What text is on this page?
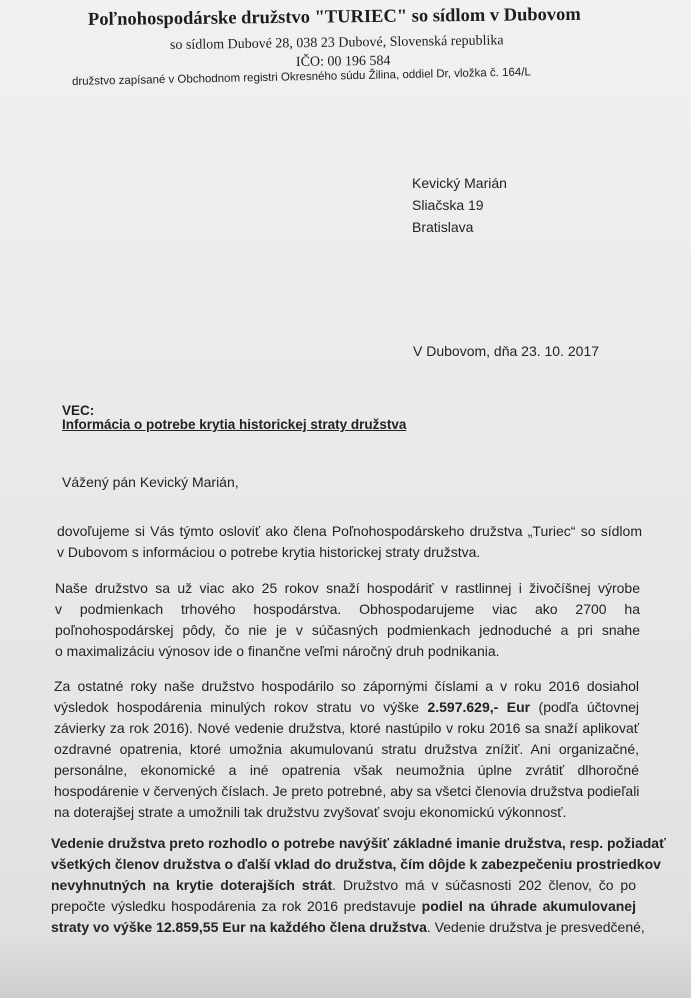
Poľnohospodárske družstvo "TURIEC" so sídlom v Dubovom
so sídlom Dubové 28, 038 23 Dubové, Slovenská republika
IČO: 00 196 584
družstvo zapísané v Obchodnom registri Okresného súdu Žilina, oddiel Dr, vložka č. 164/L
Kevický Marián
Sliačska 19
Bratislava
V Dubovom, dňa 23. 10. 2017
VEC:
Informácia o potrebe krytia historickej straty družstva
Vážený pán Kevický Marián,

dovoľujeme si Vás týmto osloviť ako člena Poľnohospodárskeho družstva „Turiec“ so sídlom
v Dubovom s informáciou o potrebe krytia historickej straty družstva.

Naše družstvo sa už viac ako 25 rokov snaží hospodáriť v rastlinnej i živočíšnej výrobe
v podmienkach trhového hospodárstva. Obhospodarujeme viac ako 2700 ha
poľnohospodárskej pôdy, čo nie je v súčasných podmienkach jednoduché a pri snahe
o maximalizáciu výnosov ide o finančne veľmi náročný druh podnikania.

Za ostatné roky naše družstvo hospodárilo so zápornými číslami a v roku 2016 dosiahol
výsledok hospodárenia minulých rokov stratu vo výške 2.597.629,- Eur (podľa účtovnej
závierky za rok 2016). Nové vedenie družstva, ktoré nastúpilo v roku 2016 sa snaží aplikovať
ozdravné opatrenia, ktoré umožnia akumulovanú stratu družstva znížiť. Ani organizačné,
personálne, ekonomické a iné opatrenia však neumožnia úplne zvrátiť dlhoročné
hospodárenie v červených číslach. Je preto potrebné, aby sa všetci členovia družstva podieľali
na doterajšej strate a umožnili tak družstvu zvyšovať svoju ekonomickú výkonnosť.

Vedenie družstva preto rozhodlo o potrebe navýšiť základné imanie družstva, resp. požiadať
všetkých členov družstva o ďalší vklad do družstva, čím dôjde k zabezpečeniu prostriedkov
nevyhnutných na krytie doterajších strát. Družstvo má v súčasnosti 202 členov, čo po
prepočte výsledku hospodárenia za rok 2016 predstavuje podiel na úhrade akumulovanej
straty vo výške 12.859,55 Eur na každého člena družstva. Vedenie družstva je presvedčené,
